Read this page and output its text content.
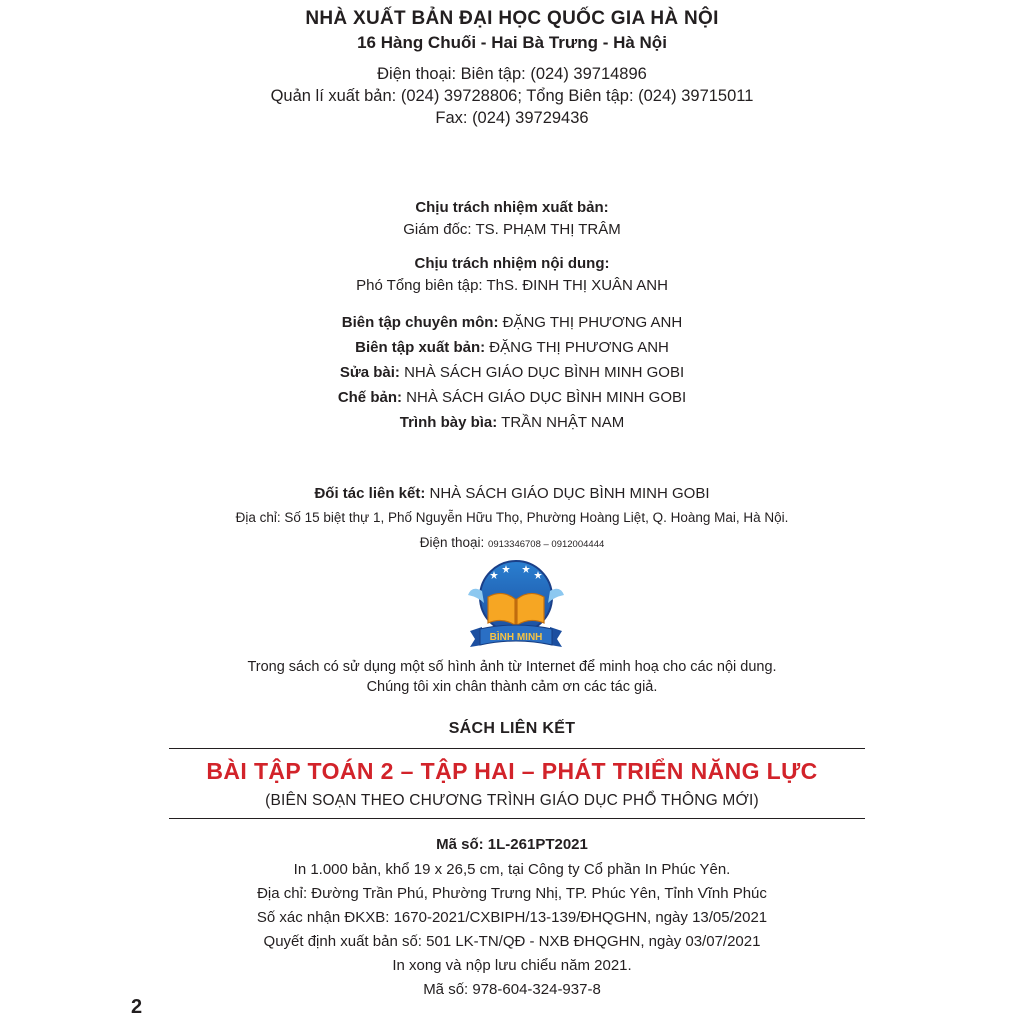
NHÀ XUẤT BẢN ĐẠI HỌC QUỐC GIA HÀ NỘI
16 Hàng Chuối - Hai Bà Trưng - Hà Nội
Điện thoại: Biên tập: (024) 39714896
Quản lí xuất bản: (024) 39728806; Tổng Biên tập: (024) 39715011
Fax: (024) 39729436
Chịu trách nhiệm xuất bản:
Giám đốc: TS. PHẠM THỊ TRÂM
Chịu trách nhiệm nội dung:
Phó Tổng biên tập: ThS. ĐINH THỊ XUÂN ANH
Biên tập chuyên môn: ĐẶNG THỊ PHƯƠNG ANH
Biên tập xuất bản: ĐẶNG THỊ PHƯƠNG ANH
Sửa bài: NHÀ SÁCH GIÁO DỤC BÌNH MINH GOBI
Chế bản: NHÀ SÁCH GIÁO DỤC BÌNH MINH GOBI
Trình bày bìa: TRẦN NHẬT NAM
Đối tác liên kết: NHÀ SÁCH GIÁO DỤC BÌNH MINH GOBI
Địa chỉ: Số 15 biệt thự 1, Phố Nguyễn Hữu Thọ, Phường Hoàng Liệt, Q. Hoàng Mai, Hà Nội.
Điện thoại: 0913346708 – 0912004444
BÌNH MINH
Trong sách có sử dụng một số hình ảnh từ Internet để minh hoạ cho các nội dung.
Chúng tôi xin chân thành cảm ơn các tác giả.
SÁCH LIÊN KẾT
BÀI TẬP TOÁN 2 – TẬP HAI – PHÁT TRIỂN NĂNG LỰC
(BIÊN SOẠN THEO CHƯƠNG TRÌNH GIÁO DỤC PHỔ THÔNG MỚI)
Mã số: 1L-261PT2021
In 1.000 bản, khổ 19 x 26,5 cm, tại Công ty Cổ phần In Phúc Yên.
Địa chỉ: Đường Trần Phú, Phường Trưng Nhị, TP. Phúc Yên, Tỉnh Vĩnh Phúc
Số xác nhận ĐKXB: 1670-2021/CXBIPH/13-139/ĐHQGHN, ngày 13/05/2021
Quyết định xuất bản số: 501 LK-TN/QĐ - NXB ĐHQGHN, ngày 03/07/2021
In xong và nộp lưu chiểu năm 2021.
Mã số: 978-604-324-937-8
2
